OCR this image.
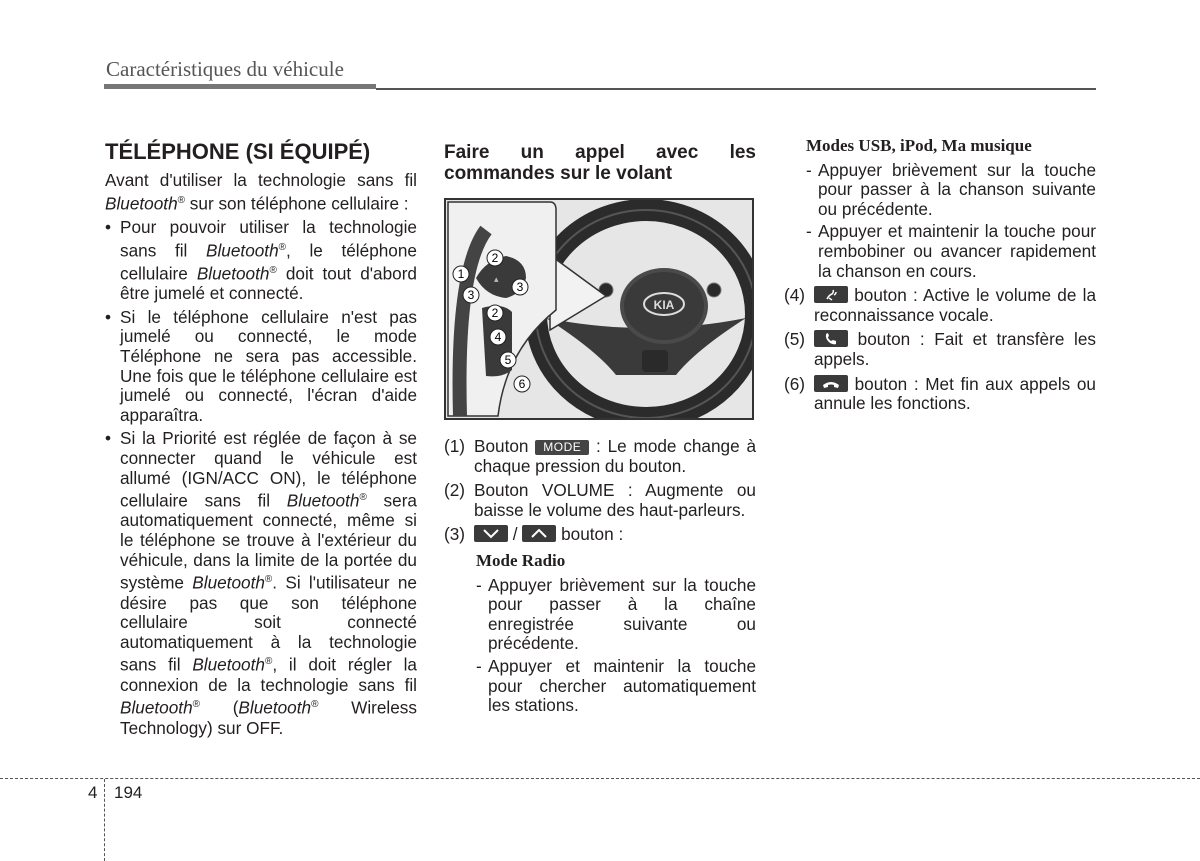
Caractéristiques du véhicule
TÉLÉPHONE (SI ÉQUIPÉ)
Avant d'utiliser la technologie sans fil Bluetooth® sur son téléphone cellulaire :
• Pour pouvoir utiliser la technologie sans fil Bluetooth®, le téléphone cellulaire Bluetooth® doit tout d'abord être jumelé et connecté.
• Si le téléphone cellulaire n'est pas jumelé ou connecté, le mode Téléphone ne sera pas accessible. Une fois que le téléphone cellulaire est jumelé ou connecté, l'écran d'aide apparaîtra.
• Si la Priorité est réglée de façon à se connecter quand le véhicule est allumé (IGN/ACC ON), le téléphone cellulaire sans fil Bluetooth® sera automatiquement connecté, même si le téléphone se trouve à l'extérieur du véhicule, dans la limite de la portée du système Bluetooth®. Si l'utilisateur ne désire pas que son téléphone cellulaire soit connecté automatiquement à la technologie sans fil Bluetooth®, il doit régler la connexion de la technologie sans fil Bluetooth® (Bluetooth® Wireless Technology) sur OFF.
Faire un appel avec les commandes sur le volant
KIA
▴
1
2
3
3
2
4
5
6
(1) Bouton MODE : Le mode change à chaque pression du bouton.
(2) Bouton VOLUME : Augmente ou baisse le volume des haut-parleurs.
(3)	/
bouton :
Mode Radio
- Appuyer brièvement sur la touche pour passer à la chaîne enregistrée suivante ou précédente.
- Appuyer et maintenir la touche pour chercher automatiquement les stations.
Modes USB, iPod, Ma musique
- Appuyer brièvement sur la touche pour passer à la chanson suivante ou précédente.
- Appuyer et maintenir la touche pour rembobiner ou avancer rapidement la chanson en cours.
(4)	bouton : Active le volume de la reconnaissance vocale.
(5)	bouton : Fait et transfère les appels.
(6)	bouton : Met fin aux appels ou annule les fonctions.
4 194
